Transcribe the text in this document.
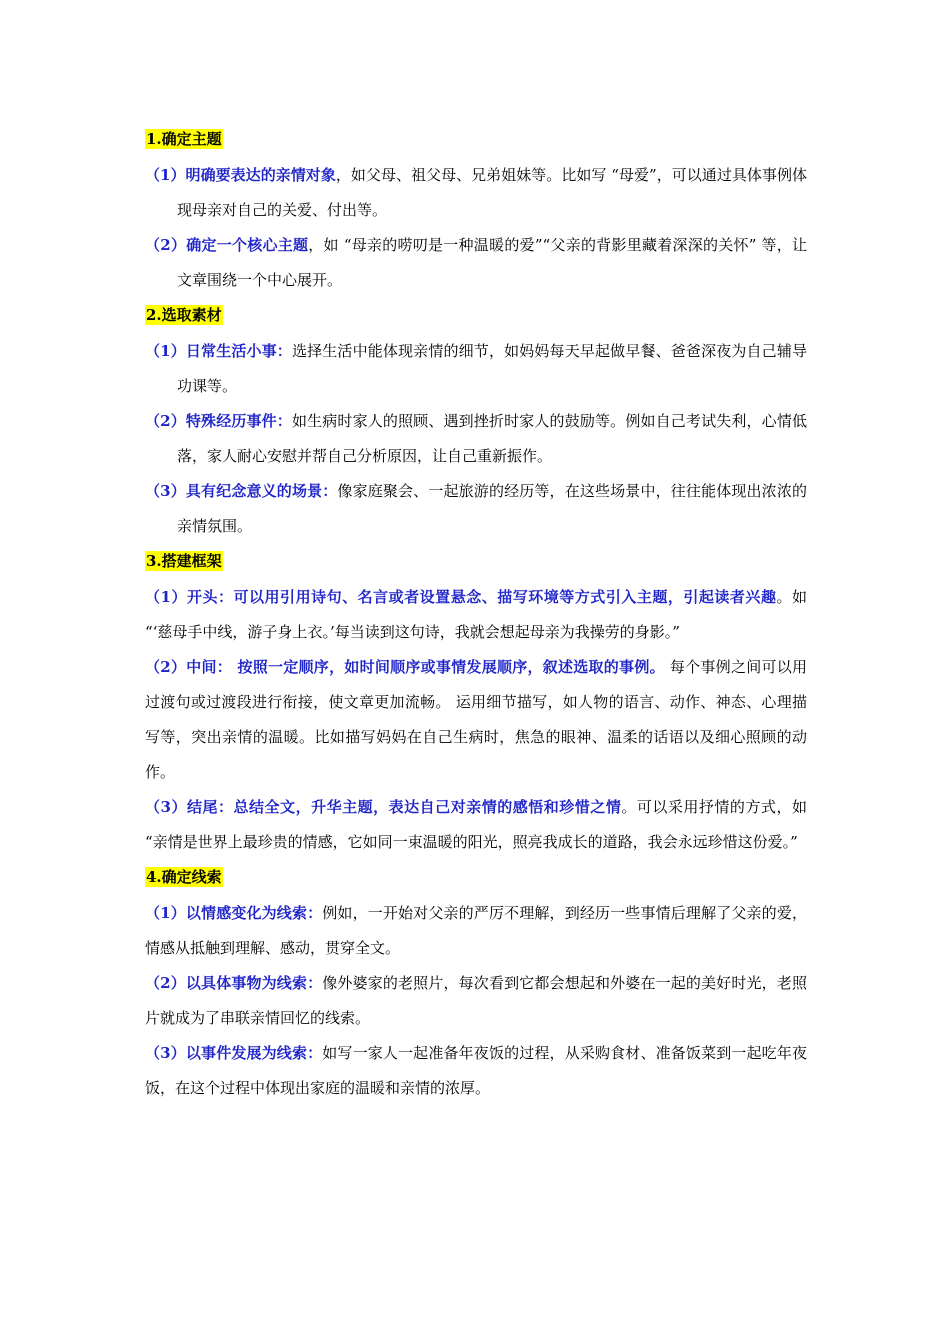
1.确定主题

（1）明确要表达的亲情对象，如父母、祖父母、兄弟姐妹等。比如写 “母爱”，可以通过具体事例体现母亲对自己的关爱、付出等。

（2）确定一个核心主题，如 “母亲的唠叨是一种温暖的爱”“父亲的背影里藏着深深的关怀” 等，让文章围绕一个中心展开。

2.选取素材

（1）日常生活小事：选择生活中能体现亲情的细节，如妈妈每天早起做早餐、爸爸深夜为自己辅导功课等。

（2）特殊经历事件：如生病时家人的照顾、遇到挫折时家人的鼓励等。例如自己考试失利，心情低落，家人耐心安慰并帮自己分析原因，让自己重新振作。

（3）具有纪念意义的场景：像家庭聚会、一起旅游的经历等，在这些场景中，往往能体现出浓浓的亲情氛围。

3.搭建框架

（1）开头：可以用引用诗句、名言或者设置悬念、描写环境等方式引入主题，引起读者兴趣。如 “‘慈母手中线，游子身上衣。’每当读到这句诗，我就会想起母亲为我操劳的身影。”

（2）中间： 按照一定顺序，如时间顺序或事情发展顺序，叙述选取的事例。 每个事例之间可以用过渡句或过渡段进行衔接，使文章更加流畅。 运用细节描写，如人物的语言、动作、神态、心理描写等，突出亲情的温暖。比如描写妈妈在自己生病时，焦急的眼神、温柔的话语以及细心照顾的动作。

（3）结尾：总结全文，升华主题，表达自己对亲情的感悟和珍惜之情。可以采用抒情的方式，如 “亲情是世界上最珍贵的情感，它如同一束温暖的阳光，照亮我成长的道路，我会永远珍惜这份爱。”

4.确定线索

（1）以情感变化为线索：例如，一开始对父亲的严厉不理解，到经历一些事情后理解了父亲的爱，情感从抵触到理解、感动，贯穿全文。

（2）以具体事物为线索：像外婆家的老照片，每次看到它都会想起和外婆在一起的美好时光，老照片就成为了串联亲情回忆的线索。

（3）以事件发展为线索：如写一家人一起准备年夜饭的过程，从采购食材、准备饭菜到一起吃年夜饭，在这个过程中体现出家庭的温暖和亲情的浓厚。
